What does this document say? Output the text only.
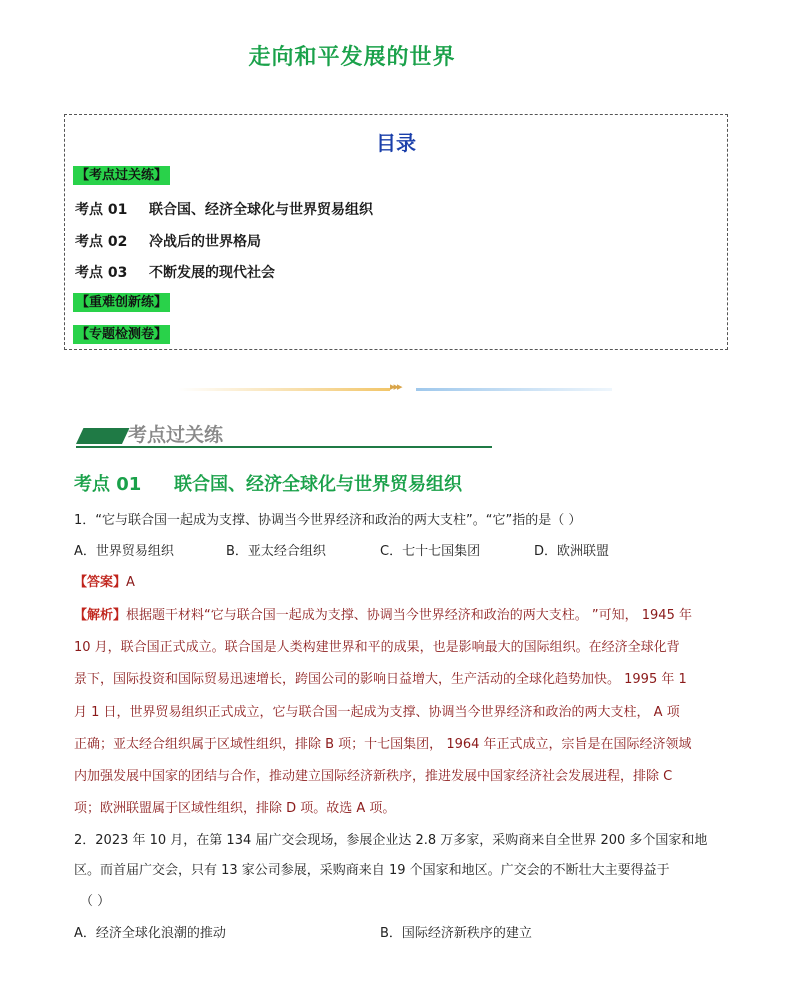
走向和平发展的世界
目录
【考点过关练】
考点 01 联合国、经济全球化与世界贸易组织
考点 02 冷战后的世界格局
考点 03 不断发展的现代社会
【重难创新练】
【专题检测卷】
▸▸▸
考点过关练
考点 01 联合国、经济全球化与世界贸易组织
1．“它与联合国一起成为支撑、协调当今世界经济和政治的两大支柱”。“它”指的是（ ）
A．世界贸易组织	B．亚太经合组织	C．七十七国集团	D．欧洲联盟
【答案】A
【解析】根据题干材料“它与联合国一起成为支撑、协调当今世界经济和政治的两大支柱。 ”可知， 1945 年
10 月，联合国正式成立。联合国是人类构建世界和平的成果，也是影响最大的国际组织。在经济全球化背
景下，国际投资和国际贸易迅速增长，跨国公司的影响日益增大，生产活动的全球化趋势加快。 1995 年 1
月 1 日，世界贸易组织正式成立，它与联合国一起成为支撑、协调当今世界经济和政治的两大支柱， A 项
正确；亚太经合组织属于区域性组织，排除 B 项；十七国集团， 1964 年正式成立，宗旨是在国际经济领域
内加强发展中国家的团结与合作，推动建立国际经济新秩序，推进发展中国家经济社会发展进程，排除 C
项；欧洲联盟属于区域性组织，排除 D 项。故选 A 项。
2．2023 年 10 月，在第 134 届广交会现场，参展企业达 2.8 万多家，采购商来自全世界 200 多个国家和地
区。而首届广交会，只有 13 家公司参展，采购商来自 19 个国家和地区。广交会的不断壮大主要得益于
（ ）
A．经济全球化浪潮的推动	B．国际经济新秩序的建立
